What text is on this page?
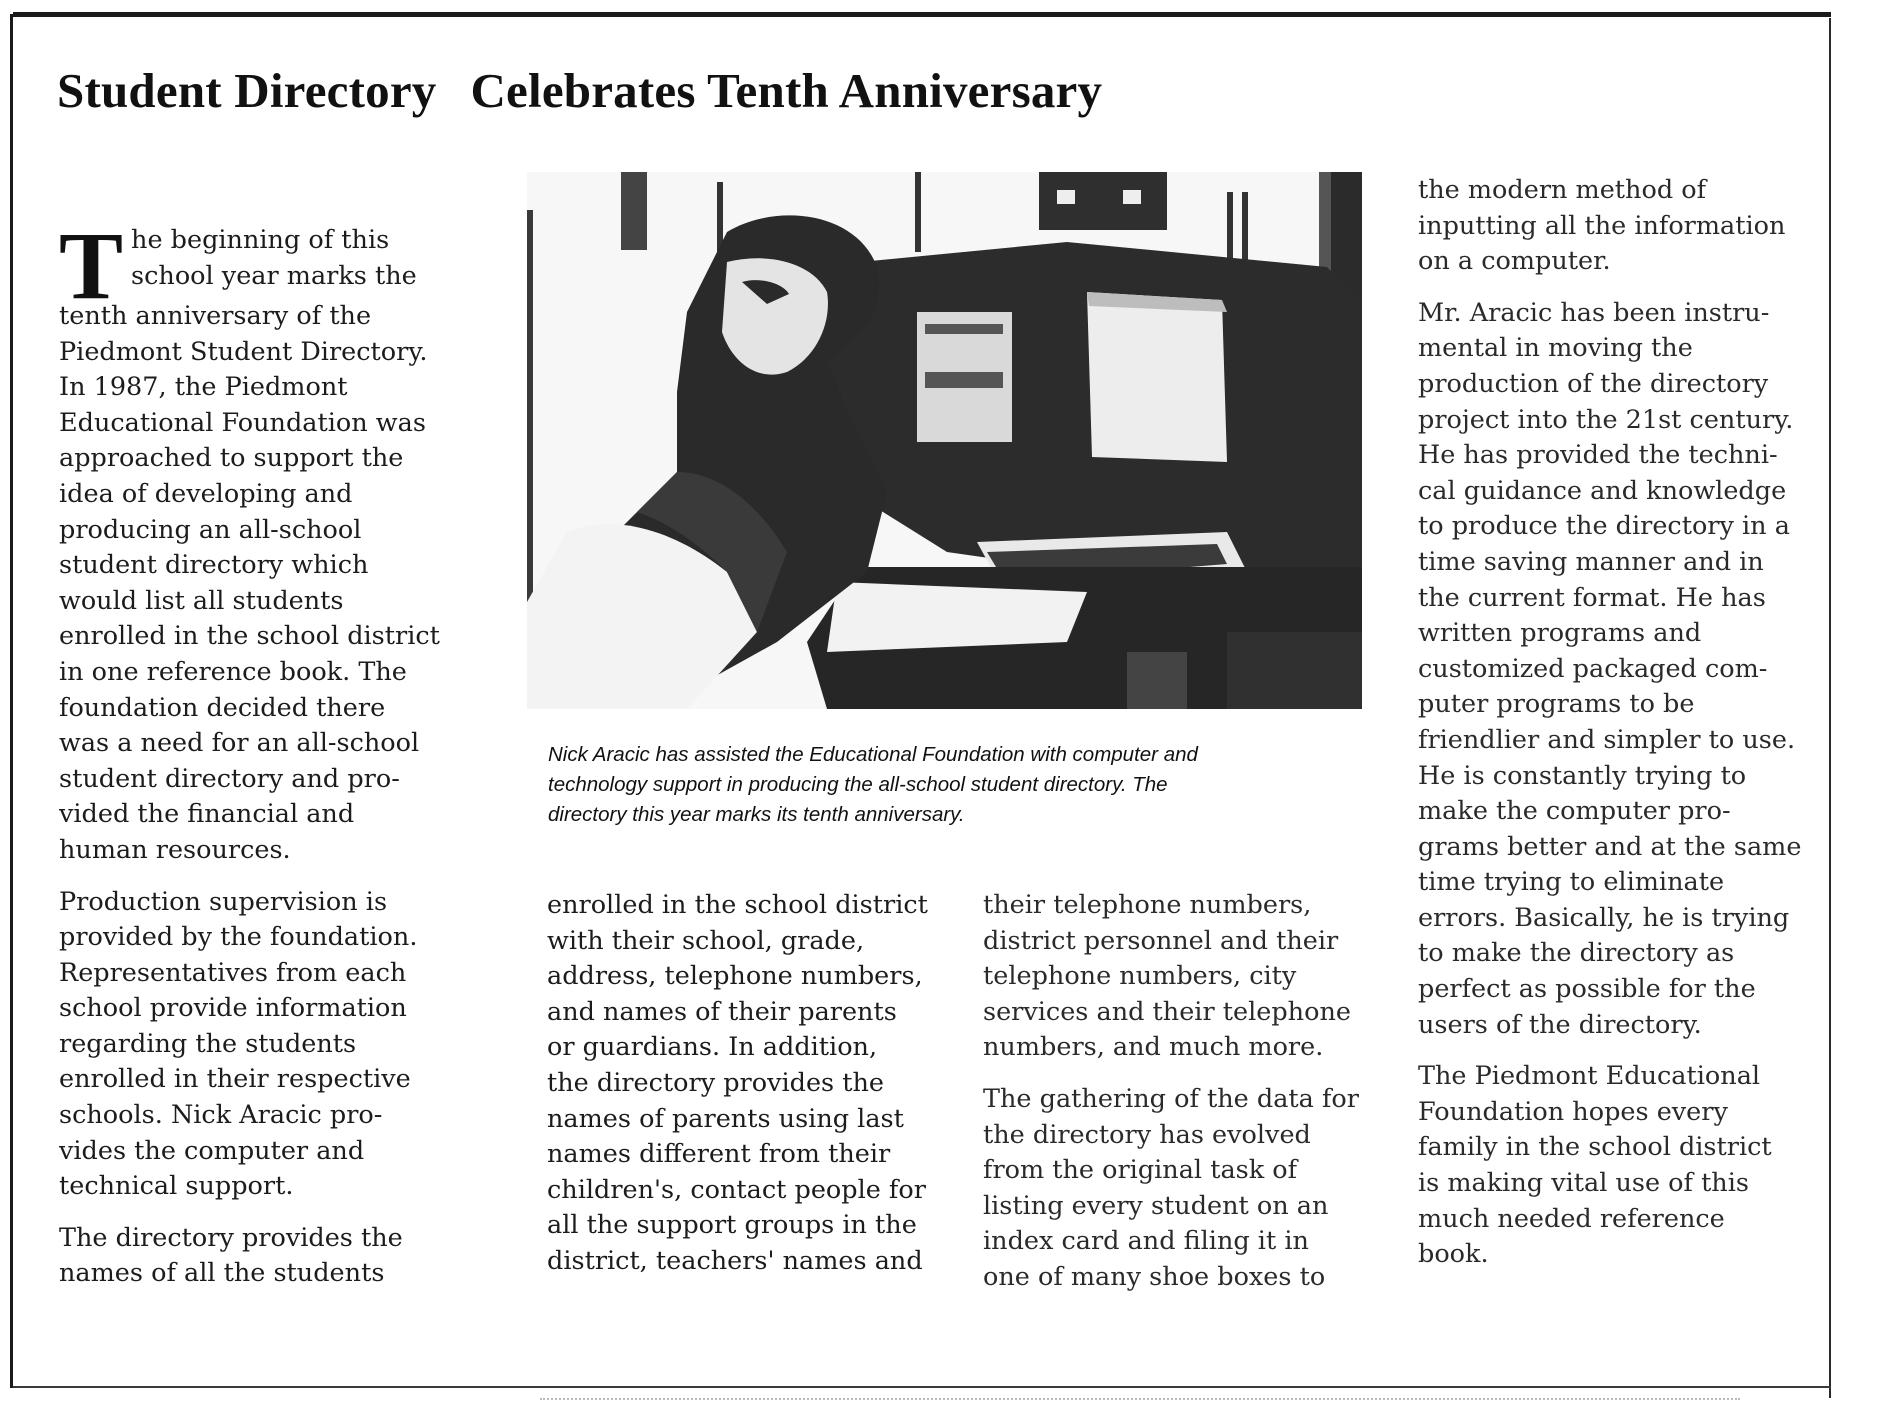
Student Directory Celebrates Tenth Anniversary

T he beginning of this
school year marks the
tenth anniversary of the
Piedmont Student Directory.
In 1987, the Piedmont
Educational Foundation was
approached to support the
idea of developing and
producing an all-school
student directory which
would list all students
enrolled in the school district
in one reference book. The
foundation decided there
was a need for an all-school
student directory and pro-
vided the financial and
human resources.

Production supervision is
provided by the foundation.
Representatives from each
school provide information
regarding the students
enrolled in their respective
schools. Nick Aracic pro-
vides the computer and
technical support.

The directory provides the
names of all the students

Nick Aracic has assisted the Educational Foundation with computer and
technology support in producing the all-school student directory. The
directory this year marks its tenth anniversary.

enrolled in the school district
with their school, grade,
address, telephone numbers,
and names of their parents
or guardians. In addition,
the directory provides the
names of parents using last
names different from their
children's, contact people for
all the support groups in the
district, teachers' names and

their telephone numbers,
district personnel and their
telephone numbers, city
services and their telephone
numbers, and much more.

The gathering of the data for
the directory has evolved
from the original task of
listing every student on an
index card and filing it in
one of many shoe boxes to

the modern method of
inputting all the information
on a computer.

Mr. Aracic has been instru-
mental in moving the
production of the directory
project into the 21st century.
He has provided the techni-
cal guidance and knowledge
to produce the directory in a
time saving manner and in
the current format. He has
written programs and
customized packaged com-
puter programs to be
friendlier and simpler to use.
He is constantly trying to
make the computer pro-
grams better and at the same
time trying to eliminate
errors. Basically, he is trying
to make the directory as
perfect as possible for the
users of the directory.

The Piedmont Educational
Foundation hopes every
family in the school district
is making vital use of this
much needed reference
book.
